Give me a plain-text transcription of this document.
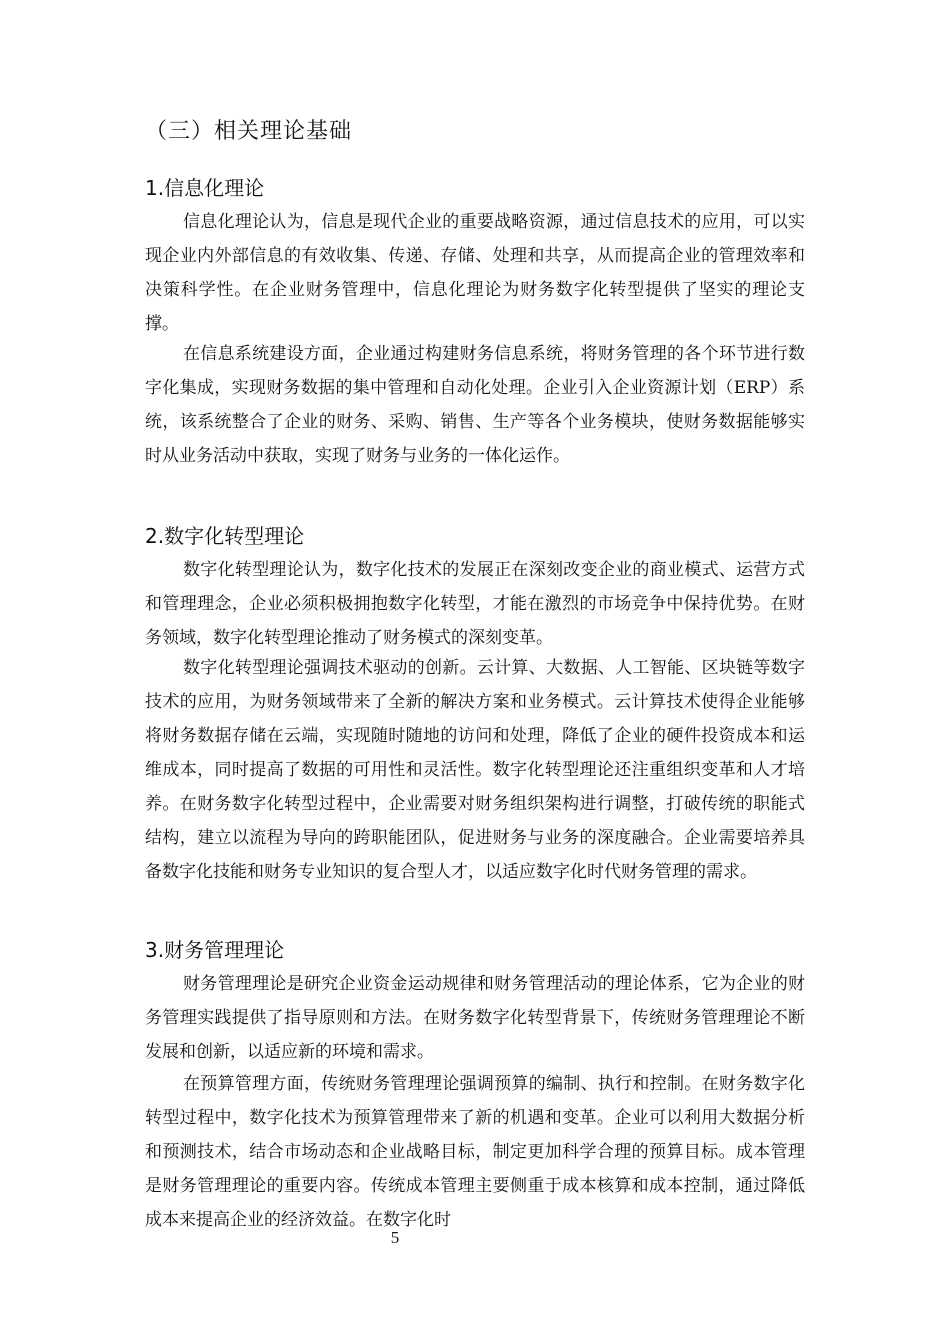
（三）相关理论基础
1.信息化理论

信息化理论认为，信息是现代企业的重要战略资源，通过信息技术的应用，可以实现企业内外部信息的有效收集、传递、存储、处理和共享，从而提高企业的管理效率和决策科学性。在企业财务管理中，信息化理论为财务数字化转型提供了坚实的理论支撑。

在信息系统建设方面，企业通过构建财务信息系统，将财务管理的各个环节进行数字化集成，实现财务数据的集中管理和自动化处理。企业引入企业资源计划（ERP）系统，该系统整合了企业的财务、采购、销售、生产等各个业务模块，使财务数据能够实时从业务活动中获取，实现了财务与业务的一体化运作。

2.数字化转型理论

数字化转型理论认为，数字化技术的发展正在深刻改变企业的商业模式、运营方式和管理理念，企业必须积极拥抱数字化转型，才能在激烈的市场竞争中保持优势。在财务领域，数字化转型理论推动了财务模式的深刻变革。

数字化转型理论强调技术驱动的创新。云计算、大数据、人工智能、区块链等数字技术的应用，为财务领域带来了全新的解决方案和业务模式。云计算技术使得企业能够将财务数据存储在云端，实现随时随地的访问和处理，降低了企业的硬件投资成本和运维成本，同时提高了数据的可用性和灵活性。数字化转型理论还注重组织变革和人才培养。在财务数字化转型过程中，企业需要对财务组织架构进行调整，打破传统的职能式结构，建立以流程为导向的跨职能团队，促进财务与业务的深度融合。企业需要培养具备数字化技能和财务专业知识的复合型人才，以适应数字化时代财务管理的需求。

3.财务管理理论

财务管理理论是研究企业资金运动规律和财务管理活动的理论体系，它为企业的财务管理实践提供了指导原则和方法。在财务数字化转型背景下，传统财务管理理论不断发展和创新，以适应新的环境和需求。

在预算管理方面，传统财务管理理论强调预算的编制、执行和控制。在财务数字化转型过程中，数字化技术为预算管理带来了新的机遇和变革。企业可以利用大数据分析和预测技术，结合市场动态和企业战略目标，制定更加科学合理的预算目标。成本管理是财务管理理论的重要内容。传统成本管理主要侧重于成本核算和成本控制，通过降低成本来提高企业的经济效益。在数字化时

5
